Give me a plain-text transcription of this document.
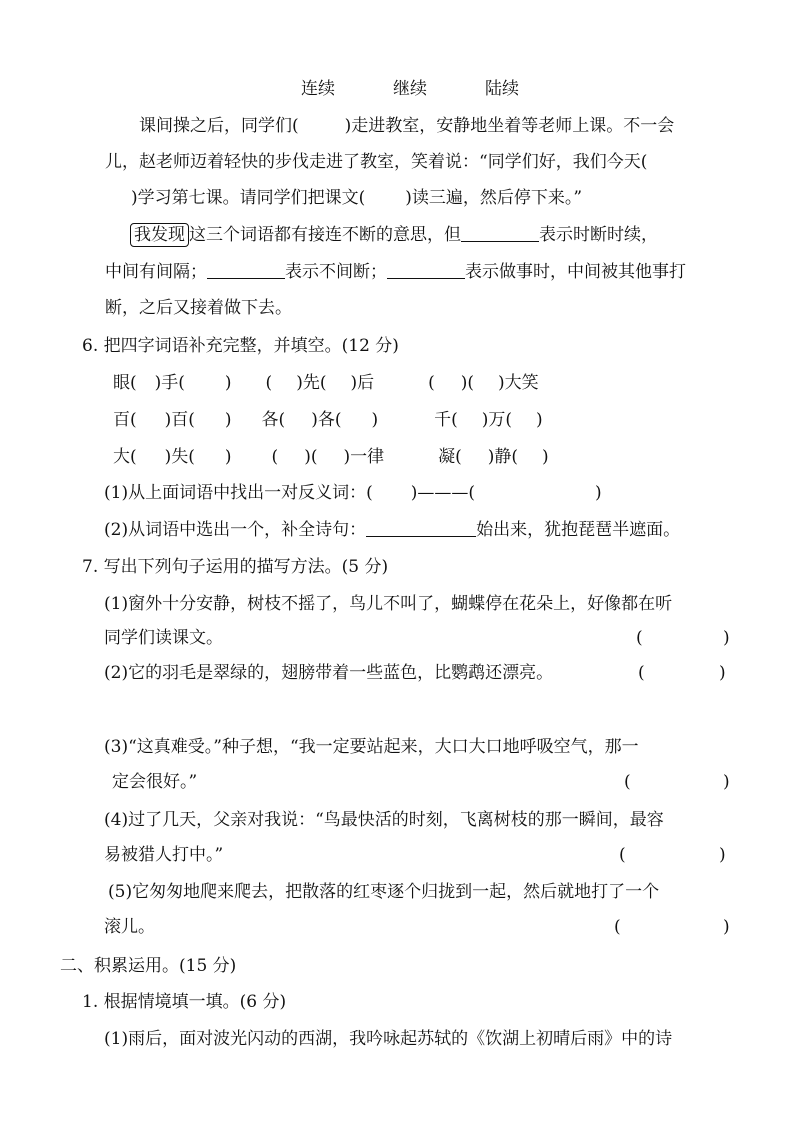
连续	继续	陆续
课间操之后，同学们(	)走进教室，安静地坐着等老师上课。不一会
儿，赵老师迈着轻快的步伐走进了教室，笑着说：“同学们好，我们今天(
)学习第七课。请同学们把课文( )读三遍，然后停下来。”
我发现 这三个词语都有接连不断的意思，但	表示时断时续，
中间有间隔；	表示不间断；	表示做事时，中间被其他事打
断，之后又接着做下去。
6. 把四字词语补充完整，并填空。(12 分)
眼( )手( ) ( )先( )后	( )( )大笑
百( )百( ) 各( )各( )	千( )万( )
大( )失( ) ( )( )一律	凝( )静( )
(1)从上面词语中找出一对反义词：( )———(	)
(2)从词语中选出一个，补全诗句：	始出来，犹抱琵琶半遮面。
7. 写出下列句子运用的描写方法。(5 分)
(1)窗外十分安静，树枝不摇了，鸟儿不叫了，蝴蝶停在花朵上，好像都在听
同学们读课文。	(	)
(2)它的羽毛是翠绿的，翅膀带着一些蓝色，比鹦鹉还漂亮。	(	)
(3)“这真难受。”种子想，“我一定要站起来，大口大口地呼吸空气，那一
定会很好。”	(	)
(4)过了几天，父亲对我说：“鸟最快活的时刻，飞离树枝的那一瞬间，最容
易被猎人打中。”	(	)
(5)它匆匆地爬来爬去，把散落的红枣逐个归拢到一起，然后就地打了一个
滚儿。	(	)
二、积累运用。(15 分)
1. 根据情境填一填。(6 分)
(1)雨后，面对波光闪动的西湖，我吟咏起苏轼的《饮湖上初晴后雨》中的诗
